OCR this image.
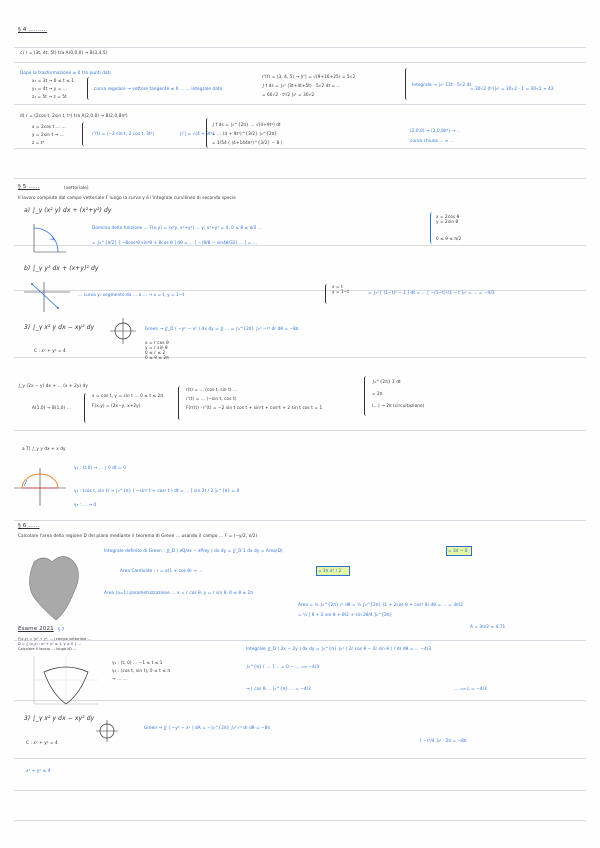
§ 4 ..........
c) r = (3t, 4t, 5t) tra A(0,0,0) → B(3,4,5)
Dopo la trasformazione ≥ 0 tra punti dati
x₁ = 3t → 0 ≤ t ≤ 1
y₁ = 4t → y = ...
z₁ = 5t → z = 5t
curva regolare → vettore tangente ≠ 0 ... ... integrale dato
r'(t) = (3, 4, 5) → |r'| = √(9+16+25) = 5√2
∫ f ds = ∫₀¹ (3t+4t+5t) · 5√2 dt = ...
= 60√2 · t²/2 |₀¹ = 30√2
Integrale → ∫₀¹ 12t · 5√2 dt
= 30√2 (t²)|₀¹ = 30√2 · 1 = 30√2 ≈ 42
d) r = (2cos t, 2sin t, t³) tra A(2,0,0) → B(2,0,8π³)
x = 2cos t ... ...
y = 2sin t → ...
z = t³
r'(t) = (−2 sin t, 2 cos t, 3t²)	|r'| = √(4 + 9t⁴)
∫ f ds = ∫₀^{2π} ... √(4+9t⁴) dt
= ... (4 + 9t⁴)^{3/2} |₀^{2π}
= 1/54 ( (4+144π⁴)^{3/2} − 8 )
(2,0,0) → (2,0,8π³) → ...
curva chiusa ... ≈ ...
§ 5 ......	(vettoriale)
Il lavoro compiuto dal campo vettoriale F lungo la curva γ è l'integrale curvilineo di seconda specie
a) ∫_γ (x² y) dx + (x²+y²) dy
Dominio della funzione ... F(x,y) = (x²y, x²+y²) ... γ: x²+y² = 4, 0 ≤ θ ≤ π/2 ...
= ∫₀^{π/2} [ −8cos²θ sin²θ + 8cos θ ] dθ = ... [ −(θ/8 − sin4θ/32) ... ] = ...
x = 2cos θ
y = 2sin θ
0 ≤ θ ≤ π/2
b) ∫_γ y² dx + (x+y)² dy
... curva γ: segmento da ... a ... → x = t, y = 1−t
x = t
y = 1−t	= ∫₀¹ [ (1−t)² − 1 ] dt = ... [ −(1−t)³/3 − t ]₀¹ = ... = −4/3
3) ∫_γ x² y dx − xy² dy
C : x² + y² = 4
Green → ∬_D ( −y² − x² ) dx dy = ∬ ... = ∫₀^{2π} ∫₀² −r³ dr dθ = −8π
x = r cos θ
y = r sin θ
0 ≤ r ≤ 2
0 ≤ θ ≤ 2π
∫_γ (2x − y) dx + ... (x + 2y) dy
A(1,0) → B(1,0) ...
x = cos t, y = sin t ... 0 ≤ t ≤ 2π
F(x,y) = (2x−y, x+2y)
r(t) = ... (cos t, sin t) ...
r'(t) = ... (−sin t, cos t)
F(r(t)) · r'(t) = −2 sin t cos t + sin²t + cos²t + 2 sin t cos t = 1
∫₀^{2π} 1 dt
= 2π
(...) → 2π (circuitazione)
a T) ∫_γ y dx + x dy
γ₁ : (t,0) → ... ∫ 0 dt = 0
γ₂ : (cos t, sin t) → ∫₀^{π} ( −sin² t + cos² t ) dt = ... [ sin 2t / 2 ]₀^{π} = 0
γ₃ : ... → 0
§ 6 ......
Calcolare l'area della regione D del piano mediante il teorema di Green ... usando il campo ... F = (−y/2, x/2)
Integrale definito di Green : ∬_D ( ∂Q/∂x − ∂P/∂y ) dx dy = ∬_D 1 dx dy = Area(D)	= 3π − 8
Area Cardioide : r = a(1 + cos θ) → ...	= 3π a² / 2
Area (a=1) parametrizzazione ... x = r cos θ, y = r sin θ, 0 ≤ θ ≤ 2π
Area = ½ ∫₀^{2π} r² dθ = ½ ∫₀^{2π} (1 + 2cos θ + cos² θ) dθ = ... = 3π/2
= ½ [ θ + 2 sin θ + θ/2 + sin 2θ/4 ]₀^{2π}
A = 3π/2 ≈ 4.71
Esame 2021 § 7
F(x,y) = (x² + y², ...) campo vettoriale ...
D = { (x,y) : x² + y² ≤ 1, y ≥ 0 } ...
Calcolare il lavoro ... lungo ∂D ...
γ₁ : (t, 0) ... −1 ≤ t ≤ 1
γ₂ : (cos t, sin t), 0 ≤ t ≤ π
→ ... ...
Integrale ∬_D ( 2x − 2y ) dx dy = ∫₀^{π} ∫₀¹ ( 2r cos θ − 2r sin θ ) r dr dθ = ... −4/3
∫₀^{π} [ ... ] ... = 0 − ... ⟹ −4/3
→ [ cos θ ... ]₀^{π} ... = −4/3	... ⟹ L = −4/3
3) ∫_γ x² y dx − xy² dy
C : x² + y² = 4
Green → ∬ ( −y² − x² ) dA = −∫₀^{2π} ∫₀² r³ dr dθ = −8π
x² + y² ≤ 4
[ −r⁴/4 ]₀² · 2π = −8π
